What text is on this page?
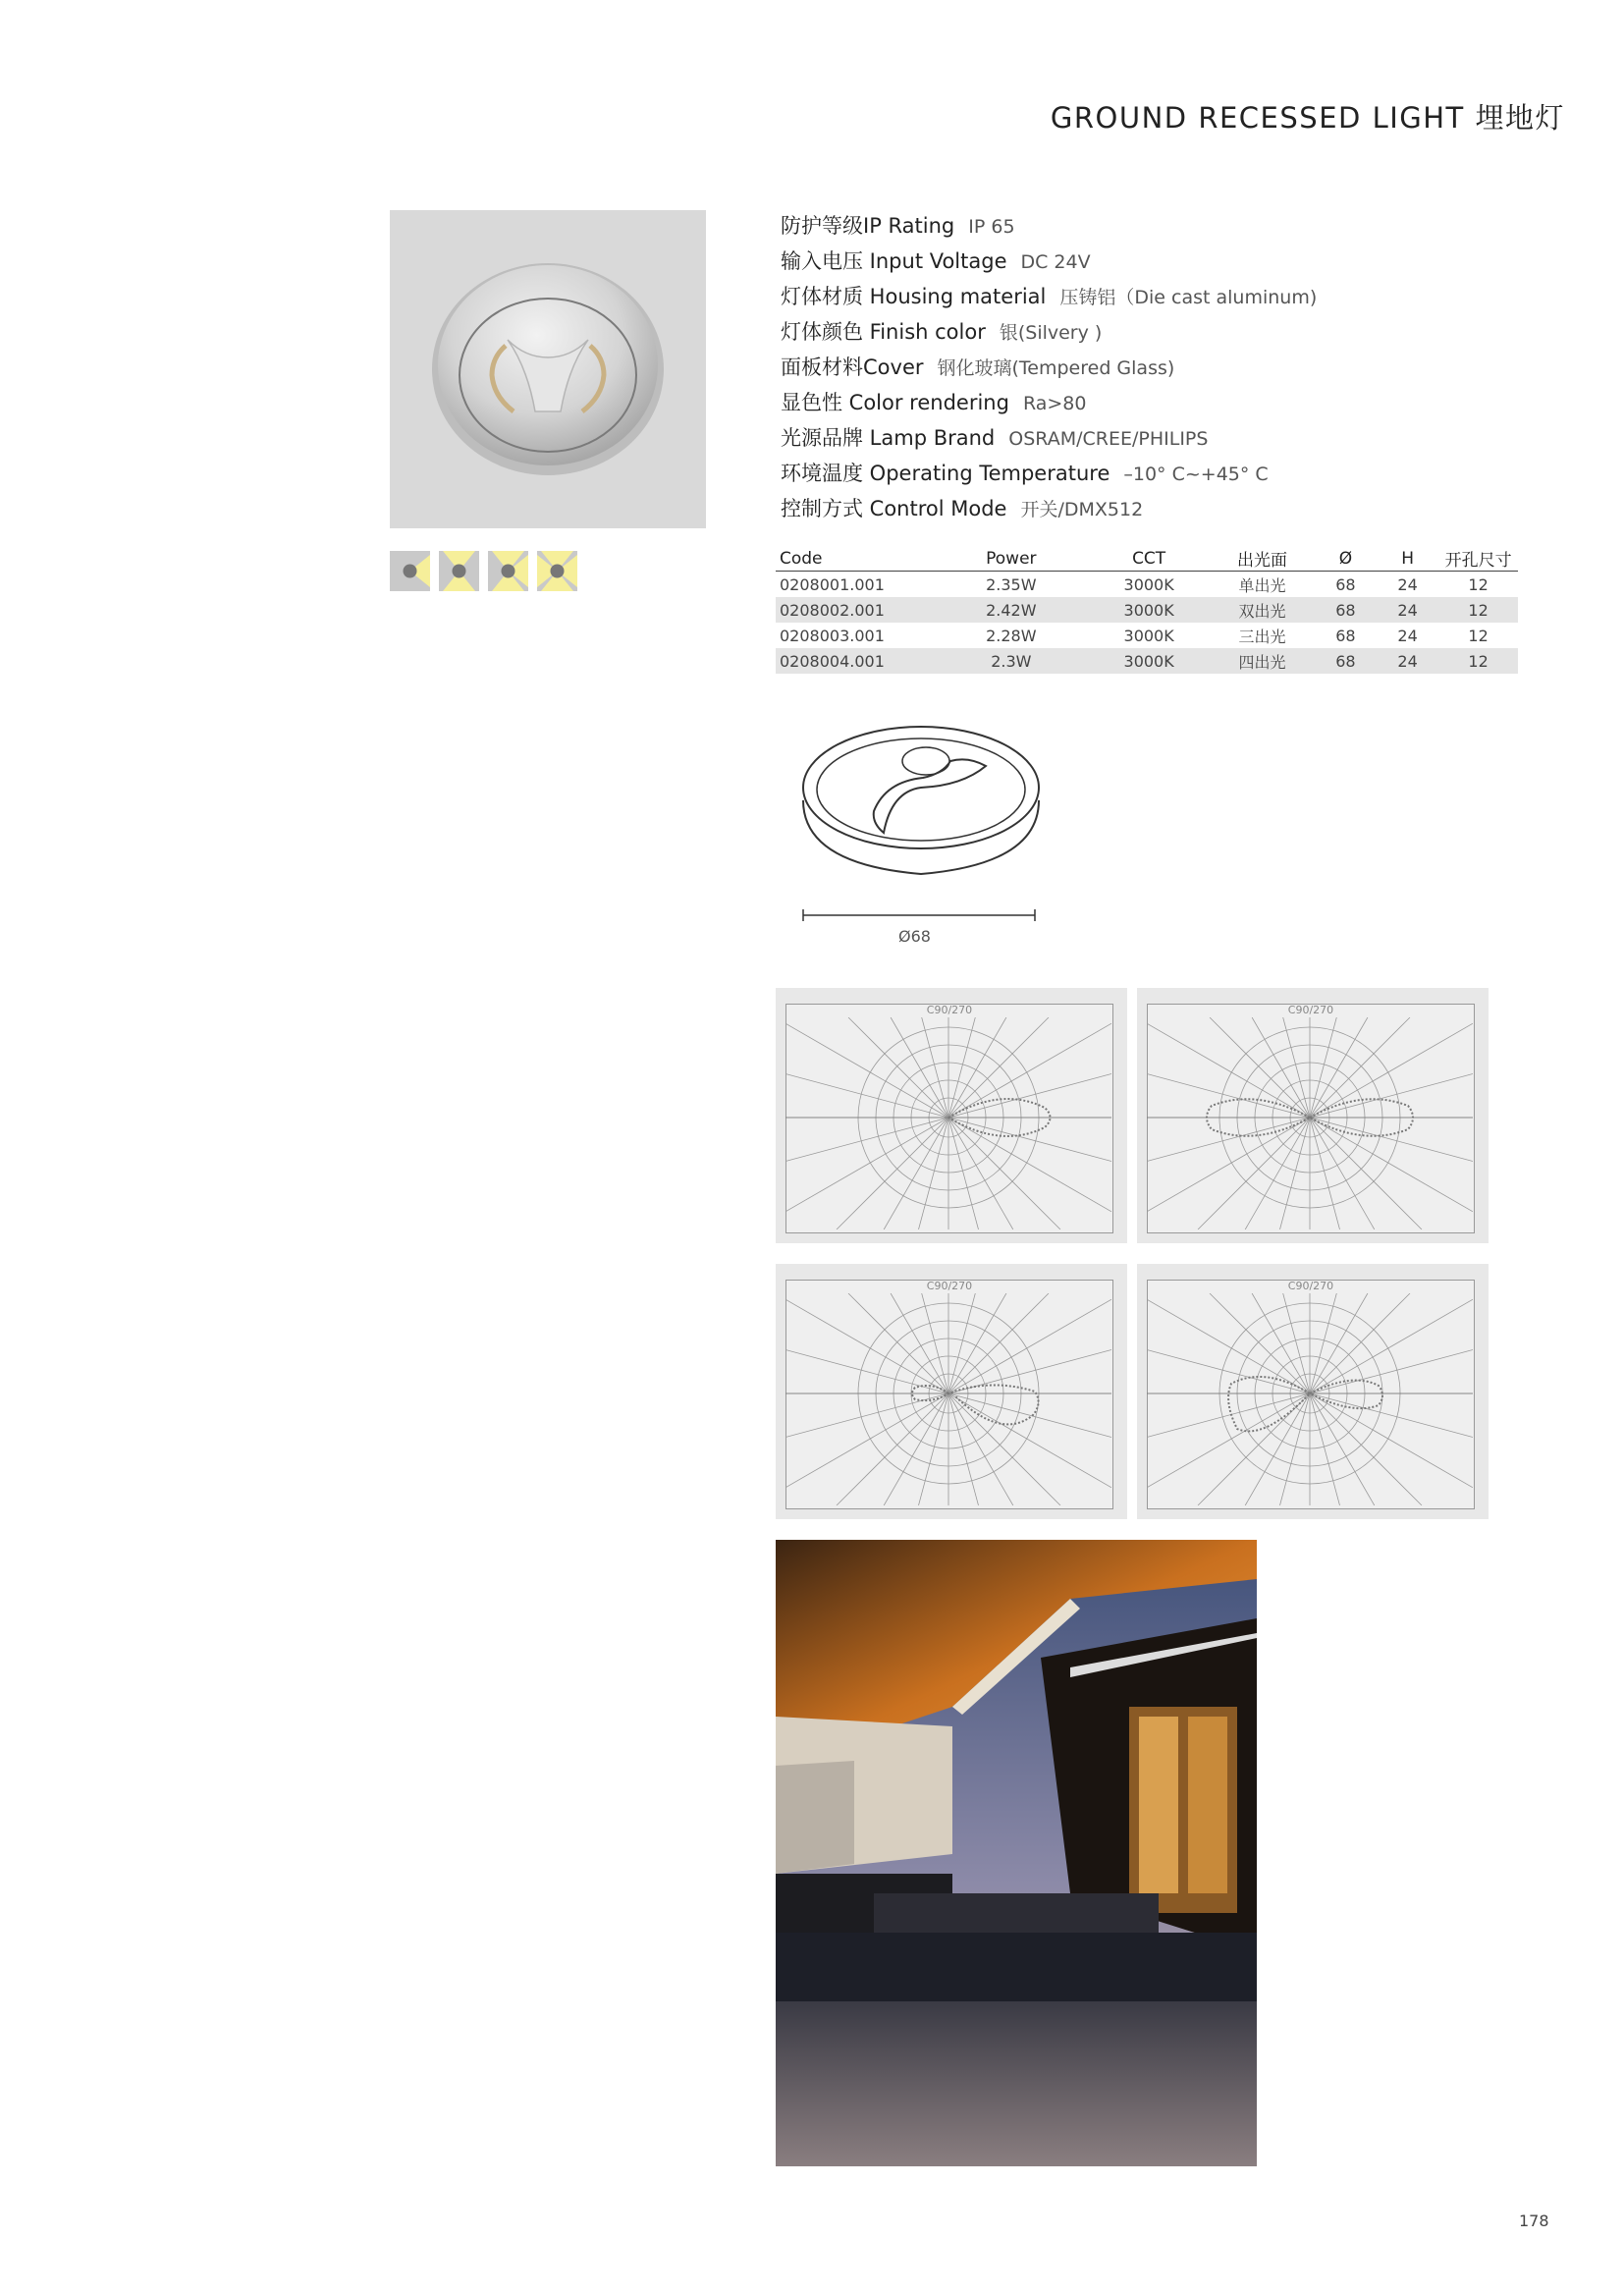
GROUND RECESSED LIGHT 埋地灯
防护等级IP Rating IP 65
输入电压 Input Voltage DC 24V
灯体材质 Housing material 压铸铝（Die cast aluminum)
灯体颜色 Finish color 银(Silvery )
面板材料Cover 钢化玻璃(Tempered Glass)
显色性 Color rendering Ra>80
光源品牌 Lamp Brand OSRAM/CREE/PHILIPS
环境温度 Operating Temperature –10° C~+45° C
控制方式 Control Mode 开关/DMX512
Code	Power	CCT	出光面	Ø	H	开孔尺寸
0208001.001	2.35W	3000K	单出光	68	24	12
0208002.001	2.42W	3000K	双出光	68	24	12
0208003.001	2.28W	3000K	三出光	68	24	12
0208004.001	2.3W	3000K	四出光	68	24	12
Ø68
C90/270	C90/270
C90/270	C90/270
178
